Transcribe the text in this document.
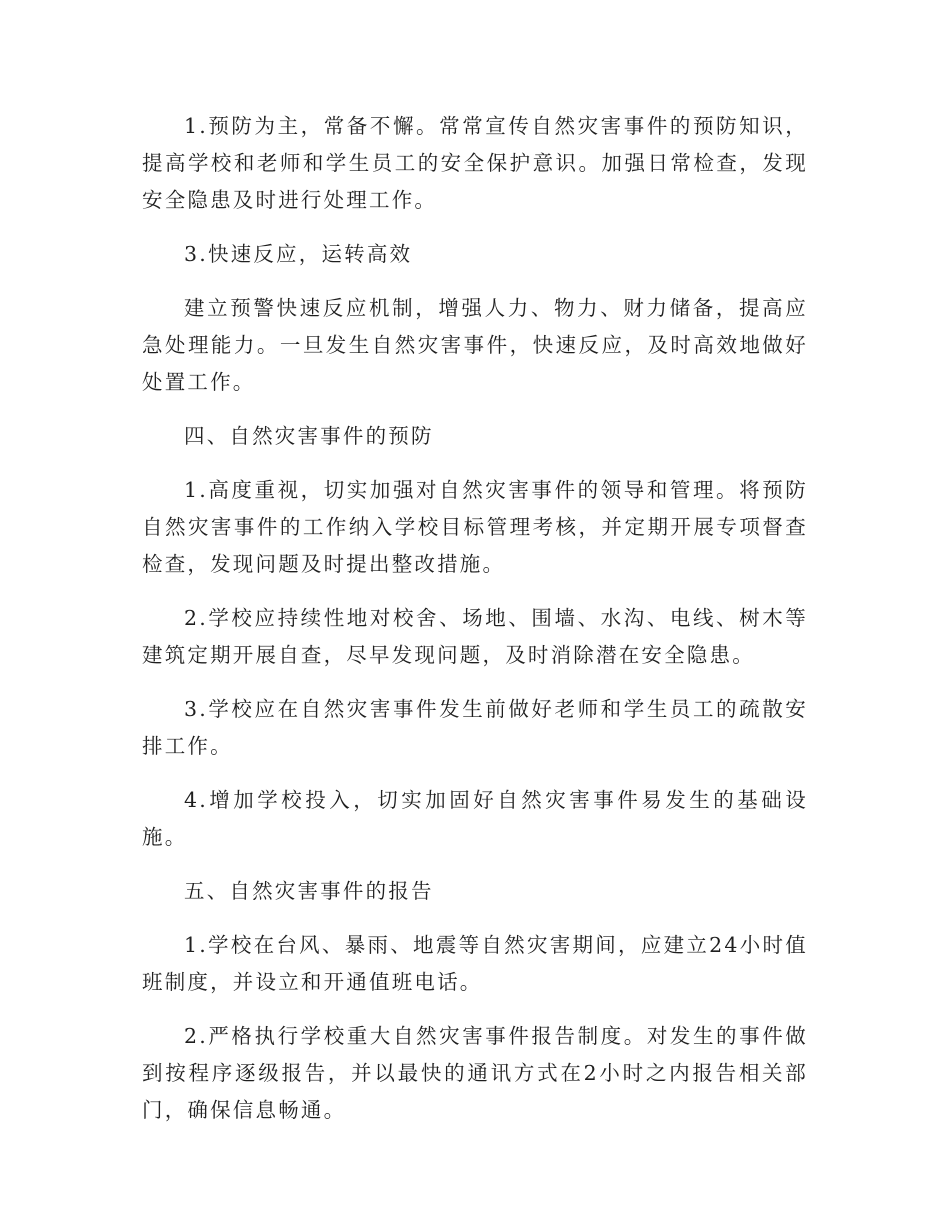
1.预防为主，常备不懈。常常宣传自然灾害事件的预防知识，提高学校和老师和学生员工的安全保护意识。加强日常检查，发现安全隐患及时进行处理工作。

3.快速反应，运转高效

建立预警快速反应机制，增强人力、物力、财力储备，提高应急处理能力。一旦发生自然灾害事件，快速反应，及时高效地做好处置工作。

四、自然灾害事件的预防

1.高度重视，切实加强对自然灾害事件的领导和管理。将预防自然灾害事件的工作纳入学校目标管理考核，并定期开展专项督查检查，发现问题及时提出整改措施。

2.学校应持续性地对校舍、场地、围墙、水沟、电线、树木等建筑定期开展自查，尽早发现问题，及时消除潜在安全隐患。

3.学校应在自然灾害事件发生前做好老师和学生员工的疏散安排工作。

4.增加学校投入，切实加固好自然灾害事件易发生的基础设施。

五、自然灾害事件的报告

1.学校在台风、暴雨、地震等自然灾害期间，应建立24小时值班制度，并设立和开通值班电话。

2.严格执行学校重大自然灾害事件报告制度。对发生的事件做到按程序逐级报告，并以最快的通讯方式在2小时之内报告相关部门，确保信息畅通。
